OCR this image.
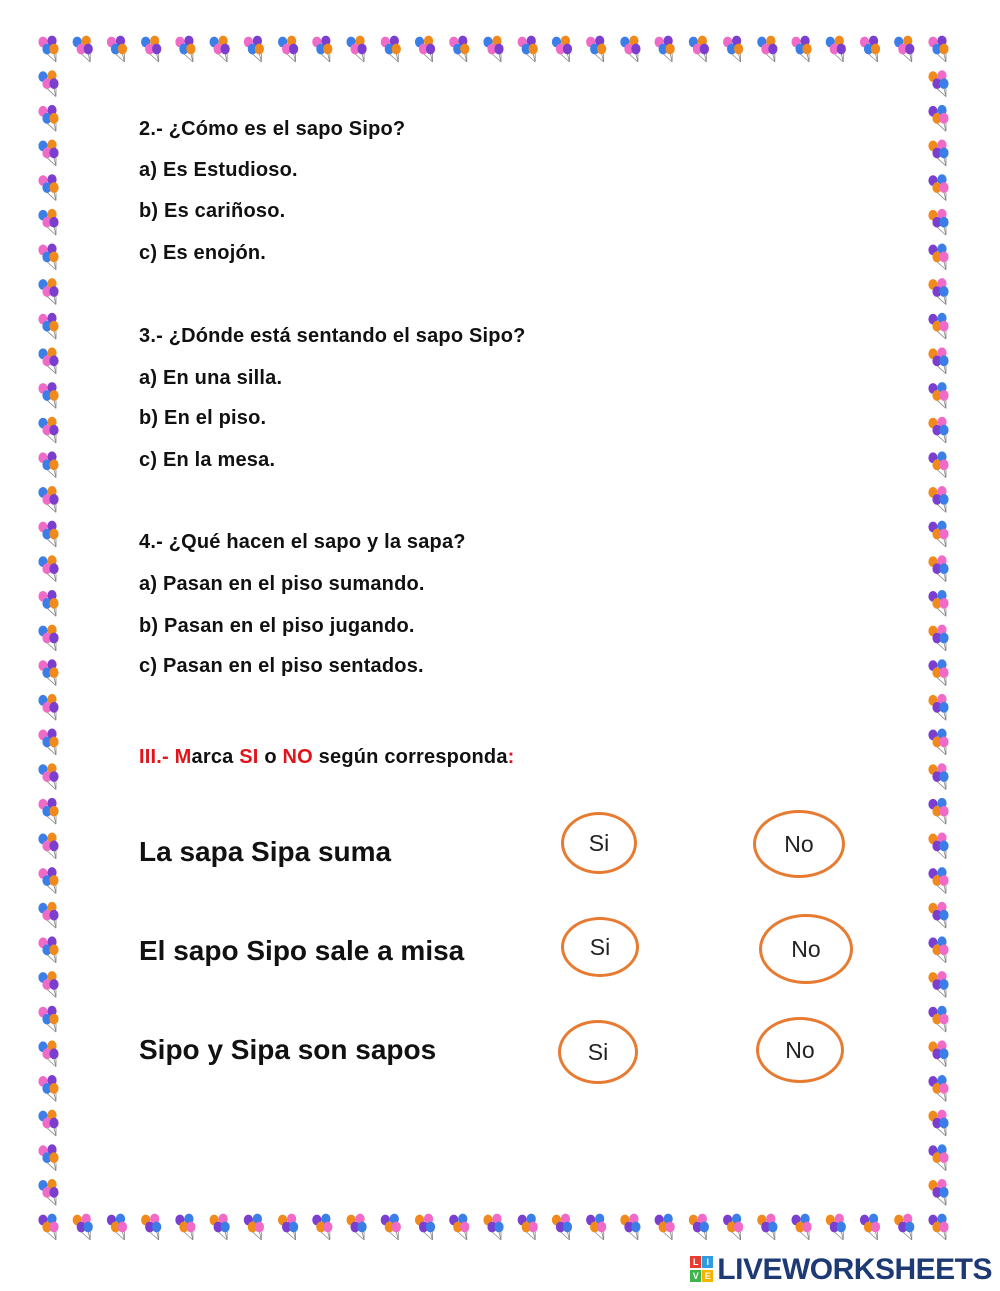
2.- ¿Cómo es el sapo Sipo?
a) Es Estudioso.
b) Es cariñoso.
c) Es enojón.
3.- ¿Dónde está sentando el sapo Sipo?
a) En una silla.
b) En el piso.
c) En la mesa.
4.- ¿Qué hacen el sapo y la sapa?
a) Pasan en el piso sumando.
b) Pasan en el piso jugando.
c) Pasan en el piso sentados.
III.- Marca SI o NO según corresponda:
La sapa Sipa suma	Si	No
El sapo Sipo sale a misa	Si	No
Sipo y Sipa son sapos	Si	No
L I
V E LIVEWORKSHEETS
